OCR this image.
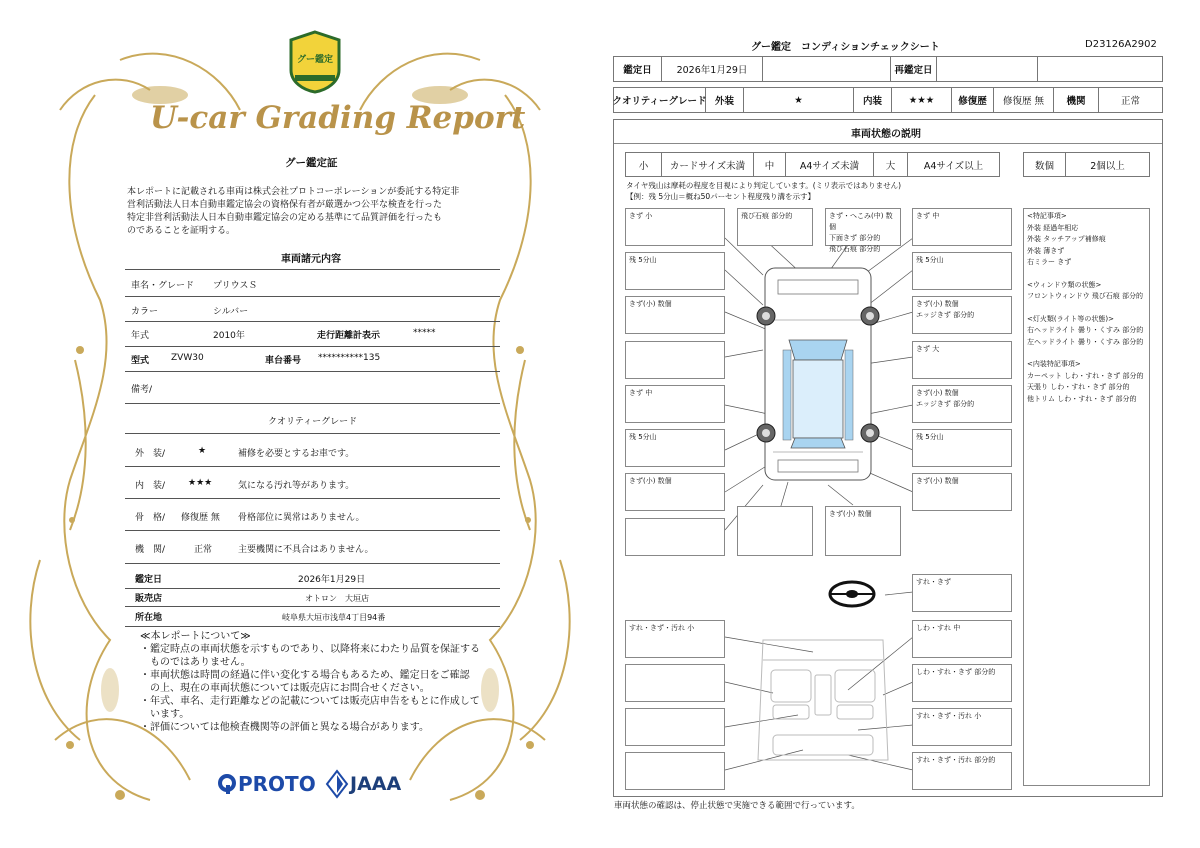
グー鑑定
U-car Grading Report
グー鑑定証
本レポートに記載される車両は株式会社プロトコーポレーションが委託する特定非
営利活動法人日本自動車鑑定協会の資格保有者が厳選かつ公平な検査を行った
特定非営利活動法人日本自動車鑑定協会の定める基準にて品質評価を行ったも
のであることを証明する。
車両諸元内容
車名・グレード プリウスＳ
カラー	シルバー
年式	2010年	走行距離計表示	*****
型式 ZVW30	車台番号 **********135
備考/
クオリティーグレード
外　装/	★	補修を必要とするお車です。
内　装/	★★★	気になる汚れ等があります。
骨　格/ 修復歴 無 骨格部位に異常はありません。
機　関/	正常	主要機関に不具合はありません。
鑑定日	2026年1月29日
販売店	オトロン　大垣店
所在地	岐阜県大垣市浅草4丁目94番
≪本レポートについて≫
・鑑定時点の車両状態を示すものであり、以降将来にわたり品質を保証する
　ものではありません。
・車両状態は時間の経過に伴い変化する場合もあるため、鑑定日をご確認
　の上、現在の車両状態については販売店にお問合せください。
・年式、車名、走行距離などの記載については販売店申告をもとに作成して
　います。
・評価については他検査機関等の評価と異なる場合があります。
PROTO JAAA
グー鑑定　コンディションチェックシート	D23126A2902
鑑定日	2026年1月29日	再鑑定日
クオリティーグレード 外装	★	内装	★★★	修復歴	修復歴 無	機関	正常
車両状態の説明
小	カードサイズ未満	中	A4サイズ未満	大	A4サイズ以上	数個	2個以上
タイヤ残山は摩耗の程度を目視により判定しています。(ミリ表示ではありません)
【例：残 5分山＝概ね50パーセント程度残り溝を示す】
きず 小
残 5分山
きず(小) 数個
きず 中
残 5分山
きず(小) 数個
飛び石痕 部分的	きず・へこみ(中) 数個
下面きず 部分的
飛び石痕 部分的
きず 中
残 5分山
きず(小) 数個
エッジきず 部分的
きず 大
きず(小) 数個
エッジきず 部分的
残 5分山
きず(小) 数個
きず(小) 数個
<特記事項>
外装 経過年相応
外装 タッチアップ補修痕
外装 薄きず
右ミラー きず
<ウィンドウ類の状態>
フロントウィンドウ 飛び石痕 部分的
<灯火類(ライト等の状態)>
右ヘッドライト 曇り・くすみ 部分的
左ヘッドライト 曇り・くすみ 部分的
<内装特記事項>
カーペット しわ・すれ・きず 部分的
天張り しわ・すれ・きず 部分的
他トリム しわ・すれ・きず 部分的
すれ・きず
すれ・きず・汚れ 小	しわ・すれ 中
しわ・すれ・きず 部分的
すれ・きず・汚れ 小
すれ・きず・汚れ 部分的
車両状態の確認は、停止状態で実施できる範囲で行っています。
